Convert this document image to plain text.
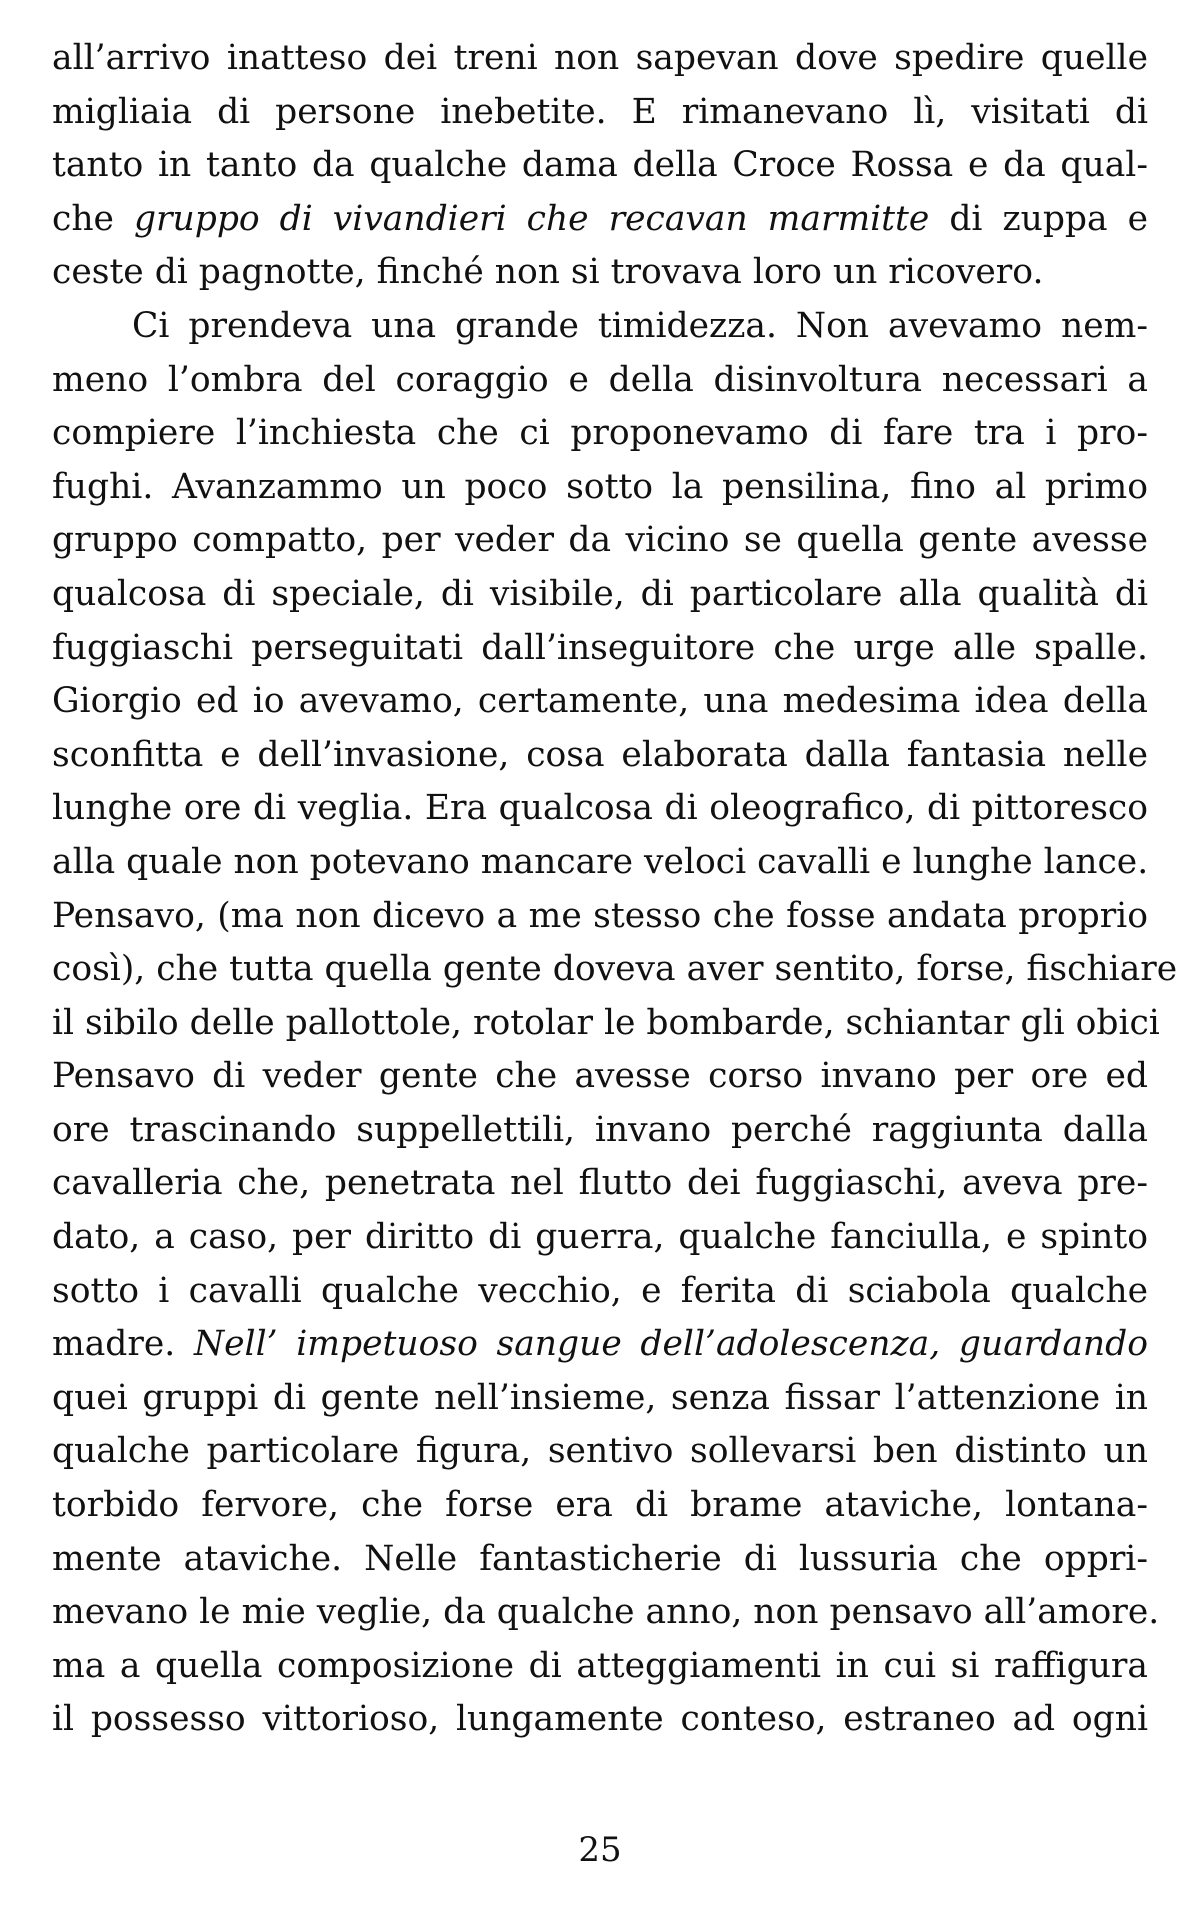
all’arrivo inatteso dei treni non sapevan dove spedire quelle
migliaia di persone inebetite. E rimanevano lì, visitati di
tanto in tanto da qualche dama della Croce Rossa e da qual-
che gruppo di vivandieri che recavan marmitte di zuppa e
ceste di pagnotte, finché non si trovava loro un ricovero.
Ci prendeva una grande timidezza. Non avevamo nem-
meno l’ombra del coraggio e della disinvoltura necessari a
compiere l’inchiesta che ci proponevamo di fare tra i pro-
fughi. Avanzammo un poco sotto la pensilina, fino al primo
gruppo compatto, per veder da vicino se quella gente avesse
qualcosa di speciale, di visibile, di particolare alla qualità di
fuggiaschi perseguitati dall’inseguitore che urge alle spalle.
Giorgio ed io avevamo, certamente, una medesima idea della
sconfitta e dell’invasione, cosa elaborata dalla fantasia nelle
lunghe ore di veglia. Era qualcosa di oleografico, di pittoresco
alla quale non potevano mancare veloci cavalli e lunghe lance.
Pensavo, (ma non dicevo a me stesso che fosse andata proprio
così), che tutta quella gente doveva aver sentito, forse, fischiare
il sibilo delle pallottole, rotolar le bombarde, schiantar gli obici
Pensavo di veder gente che avesse corso invano per ore ed
ore trascinando suppellettili, invano perché raggiunta dalla
cavalleria che, penetrata nel flutto dei fuggiaschi, aveva pre-
dato, a caso, per diritto di guerra, qualche fanciulla, e spinto
sotto i cavalli qualche vecchio, e ferita di sciabola qualche
madre. Nell’ impetuoso sangue dell’adolescenza, guardando
quei gruppi di gente nell’insieme, senza fissar l’attenzione in
qualche particolare figura, sentivo sollevarsi ben distinto un
torbido fervore, che forse era di brame ataviche, lontana-
mente ataviche. Nelle fantasticherie di lussuria che oppri-
mevano le mie veglie, da qualche anno, non pensavo all’amore.
ma a quella composizione di atteggiamenti in cui si raffigura
il possesso vittorioso, lungamente conteso, estraneo ad ogni
25
